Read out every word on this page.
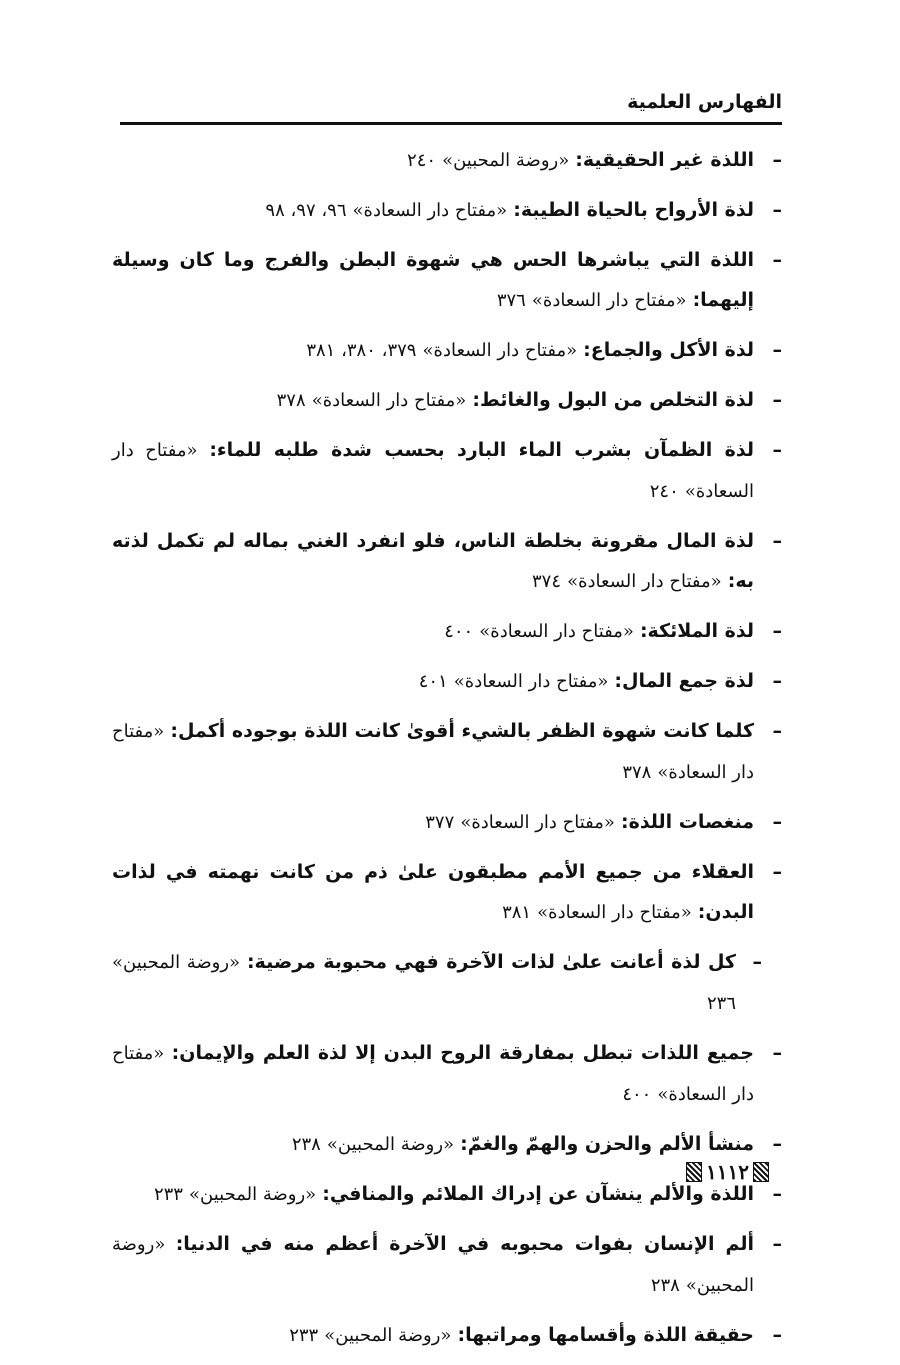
الفهارس العلمية
–
اللذة غير الحقيقية: «روضة المحبين» ٢٤٠
–
لذة الأرواح بالحياة الطيبة: «مفتاح دار السعادة» ٩٦، ٩٧، ٩٨
–
اللذة التي يباشرها الحس هي شهوة البطن والفرج وما كان وسيلة إليهما: «مفتاح دار السعادة» ٣٧٦
–
لذة الأكل والجماع: «مفتاح دار السعادة» ٣٧٩، ٣٨٠، ٣٨١
–
لذة التخلص من البول والغائط: «مفتاح دار السعادة» ٣٧٨
–
لذة الظمآن بشرب الماء البارد بحسب شدة طلبه للماء: «مفتاح دار السعادة» ٢٤٠
–
لذة المال مقرونة بخلطة الناس، فلو انفرد الغني بماله لم تكمل لذته به: «مفتاح دار السعادة» ٣٧٤
–
لذة الملائكة: «مفتاح دار السعادة» ٤٠٠
–
لذة جمع المال: «مفتاح دار السعادة» ٤٠١
–
كلما كانت شهوة الظفر بالشيء أقوىٰ كانت اللذة بوجوده أكمل: «مفتاح دار السعادة» ٣٧٨
–
منغصات اللذة: «مفتاح دار السعادة» ٣٧٧
–
العقلاء من جميع الأمم مطبقون علىٰ ذم من كانت نهمته في لذات البدن: «مفتاح دار السعادة» ٣٨١
–
كل لذة أعانت علىٰ لذات الآخرة فهي محبوبة مرضية: «روضة المحبين» ٢٣٦
–
جميع اللذات تبطل بمفارقة الروح البدن إلا لذة العلم والإيمان: «مفتاح دار السعادة» ٤٠٠
–
منشأ الألم والحزن والهمّ والغمّ: «روضة المحبين» ٢٣٨
–
اللذة والألم ينشآن عن إدراك الملائم والمنافي: «روضة المحبين» ٢٣٣
–
ألم الإنسان بفوات محبوبه في الآخرة أعظم منه في الدنيا: «روضة المحبين» ٢٣٨
–
حقيقة اللذة وأقسامها ومراتبها: «روضة المحبين» ٢٣٣
١١١٢
